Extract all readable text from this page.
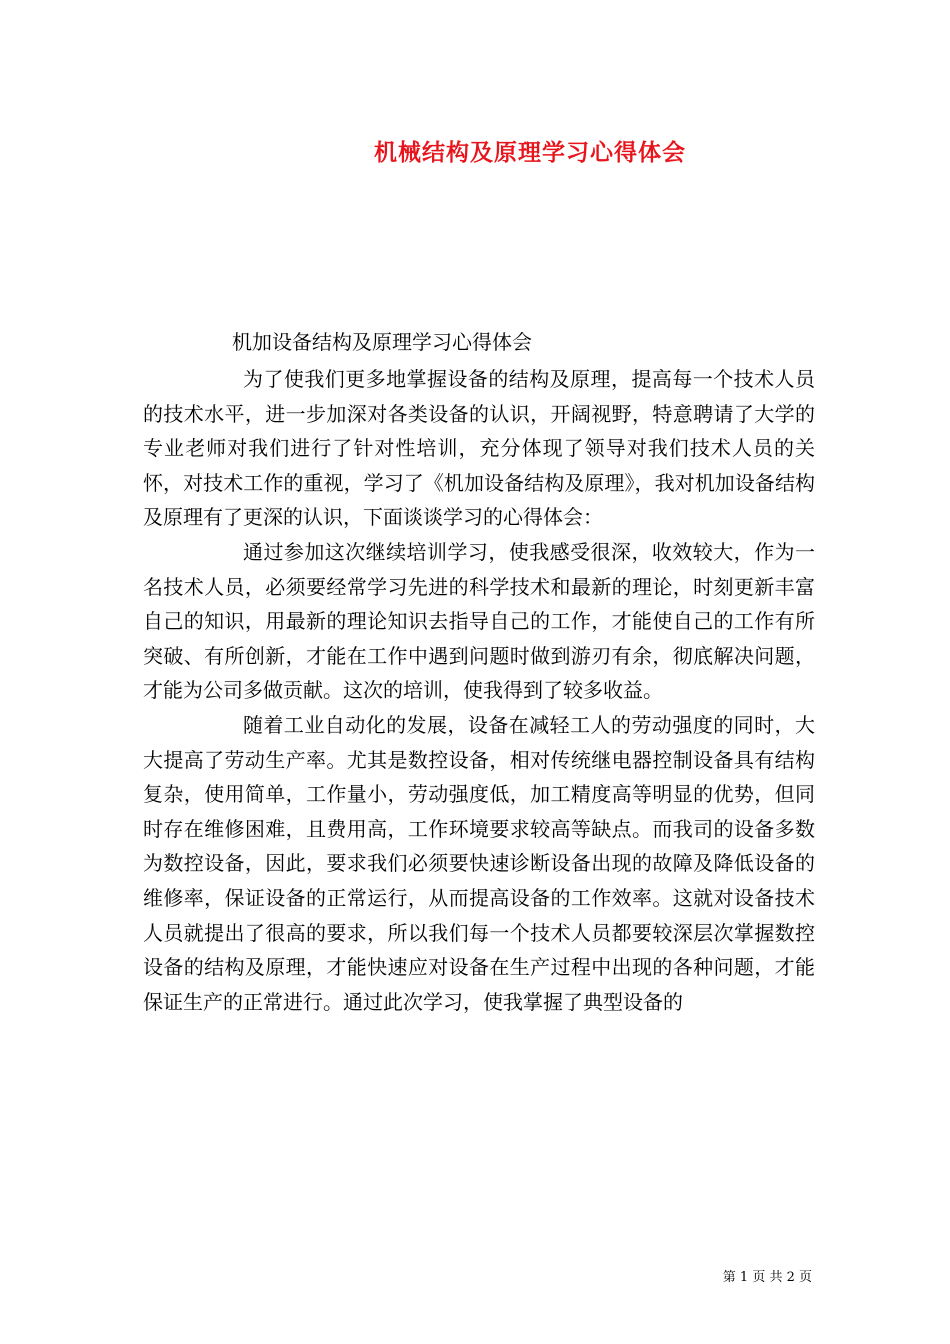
机械结构及原理学习心得体会

机加设备结构及原理学习心得体会

为了使我们更多地掌握设备的结构及原理，提高每一个技术人员的技术水平，进一步加深对各类设备的认识，开阔视野，特意聘请了大学的专业老师对我们进行了针对性培训，充分体现了领导对我们技术人员的关怀，对技术工作的重视，学习了《机加设备结构及原理》，我对机加设备结构及原理有了更深的认识，下面谈谈学习的心得体会：

通过参加这次继续培训学习，使我感受很深，收效较大，作为一名技术人员，必须要经常学习先进的科学技术和最新的理论，时刻更新丰富自己的知识，用最新的理论知识去指导自己的工作，才能使自己的工作有所突破、有所创新，才能在工作中遇到问题时做到游刃有余，彻底解决问题，才能为公司多做贡献。这次的培训，使我得到了较多收益。

随着工业自动化的发展，设备在减轻工人的劳动强度的同时，大大提高了劳动生产率。尤其是数控设备，相对传统继电器控制设备具有结构复杂，使用简单，工作量小，劳动强度低，加工精度高等明显的优势，但同时存在维修困难，且费用高，工作环境要求较高等缺点。而我司的设备多数为数控设备，因此，要求我们必须要快速诊断设备出现的故障及降低设备的维修率，保证设备的正常运行，从而提高设备的工作效率。这就对设备技术人员就提出了很高的要求，所以我们每一个技术人员都要较深层次掌握数控设备的结构及原理，才能快速应对设备在生产过程中出现的各种问题，才能保证生产的正常进行。通过此次学习，使我掌握了典型设备的

第 1 页 共 2 页
